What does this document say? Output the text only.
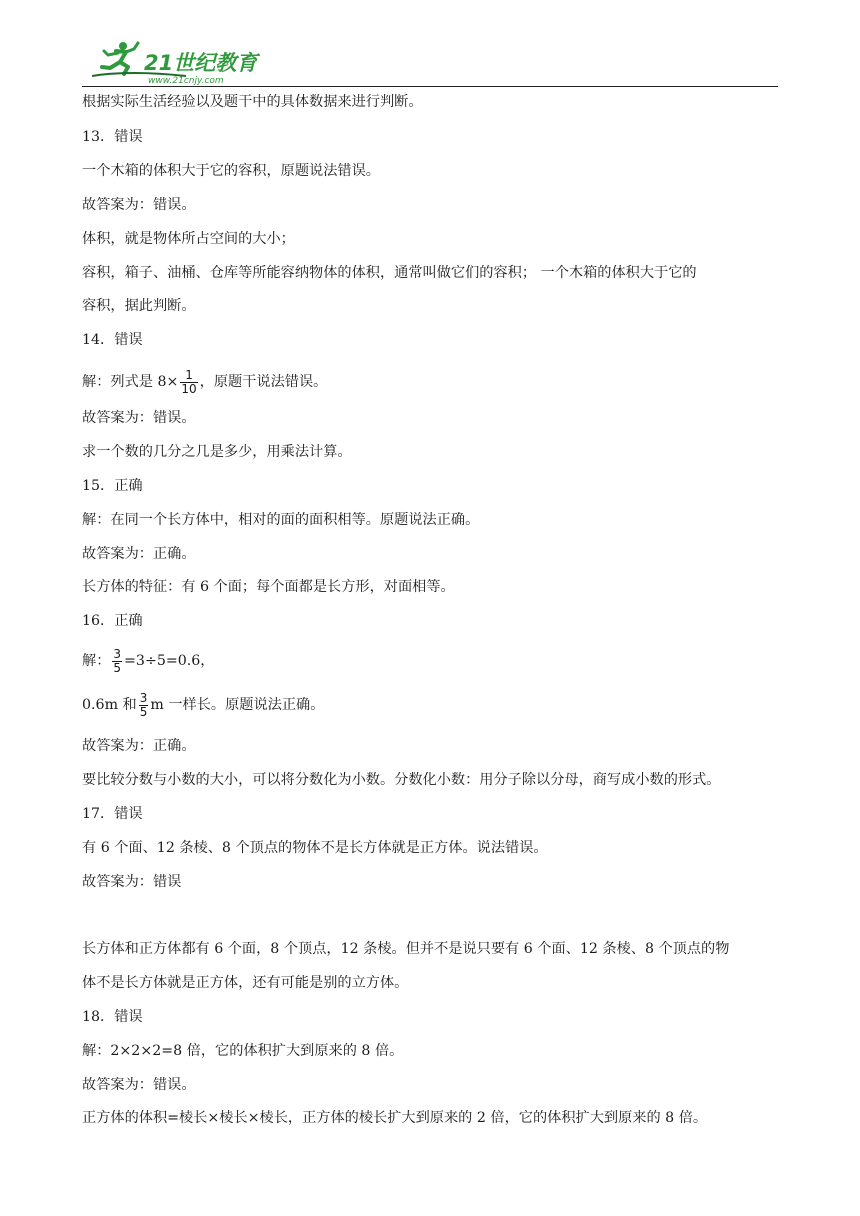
21世纪教育
www.21cnjy.com
根据实际生活经验以及题干中的具体数据来进行判断。
13．错误
一个木箱的体积大于它的容积，原题说法错误。
故答案为：错误。
体积，就是物体所占空间的大小；
容积，箱子、油桶、仓库等所能容纳物体的体积，通常叫做它们的容积； 一个木箱的体积大于它的
容积，据此判断。
14．错误
解：列式是 $8\times \frac{1}{10}$ ，原题干说法错误。
故答案为：错误。
求一个数的几分之几是多少，用乘法计算。
15．正确
解：在同一个长方体中，相对的面的面积相等。原题说法正确。
故答案为：正确。
长方体的特征：有 6 个面；每个面都是长方形，对面相等。
16．正确
解： $\frac{3}{5} =3\div 5=0.6$，
0.6m 和 $\frac{3}{5}$ m 一样长。原题说法正确。
故答案为：正确。
要比较分数与小数的大小，可以将分数化为小数。分数化小数：用分子除以分母，商写成小数的形式。
17．错误
有 6 个面、12 条棱、8 个顶点的物体不是长方体就是正方体。说法错误。
故答案为：错误
长方体和正方体都有 6 个面，8 个顶点，12 条棱。但并不是说只要有 6 个面、12 条棱、8 个顶点的物
体不是长方体就是正方体，还有可能是别的立方体。
18．错误
解：2×2×2=8 倍，它的体积扩大到原来的 8 倍。
故答案为：错误。
正方体的体积=棱长×棱长×棱长，正方体的棱长扩大到原来的 2 倍，它的体积扩大到原来的 8 倍。
